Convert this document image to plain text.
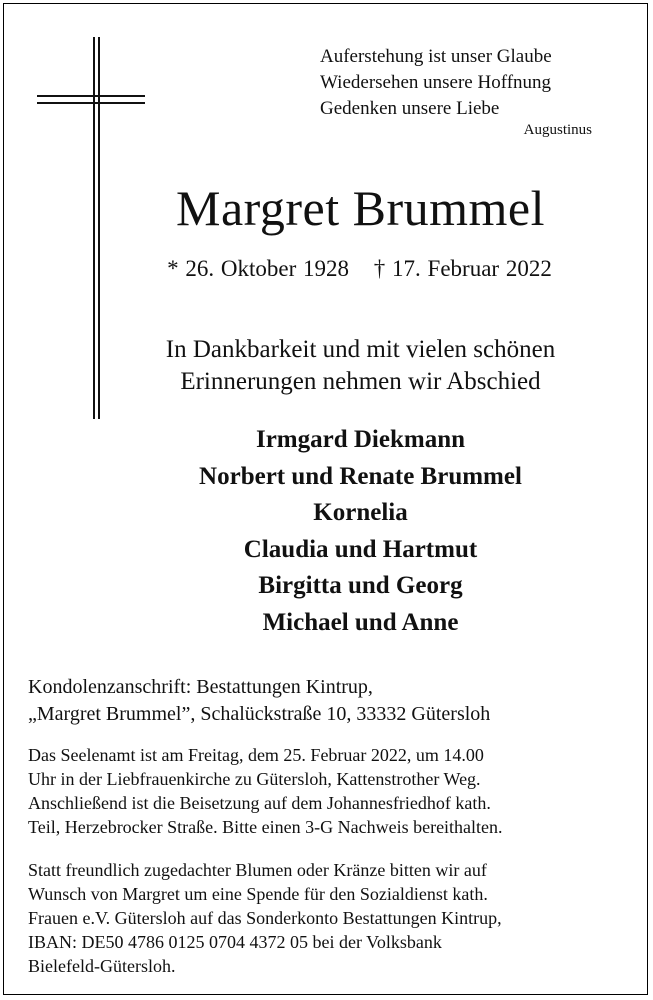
Auferstehung ist unser Glaube
Wiedersehen unsere Hoffnung
Gedenken unsere Liebe
Augustinus
Margret Brummel
* 26. Oktober 1928 † 17. Februar 2022
In Dankbarkeit und mit vielen schönen
Erinnerungen nehmen wir Abschied
Irmgard Diekmann
Norbert und Renate Brummel
Kornelia
Claudia und Hartmut
Birgitta und Georg
Michael und Anne
Kondolenzanschrift: Bestattungen Kintrup,
„Margret Brummel”, Schalückstraße 10, 33332 Gütersloh
Das Seelenamt ist am Freitag, dem 25. Februar 2022, um 14.00
Uhr in der Liebfrauenkirche zu Gütersloh, Kattenstrother Weg.
Anschließend ist die Beisetzung auf dem Johannesfriedhof kath.
Teil, Herzebrocker Straße. Bitte einen 3-G Nachweis bereithalten.
Statt freundlich zugedachter Blumen oder Kränze bitten wir auf
Wunsch von Margret um eine Spende für den Sozialdienst kath.
Frauen e.V. Gütersloh auf das Sonderkonto Bestattungen Kintrup,
IBAN: DE50 4786 0125 0704 4372 05 bei der Volksbank
Bielefeld-Gütersloh.
